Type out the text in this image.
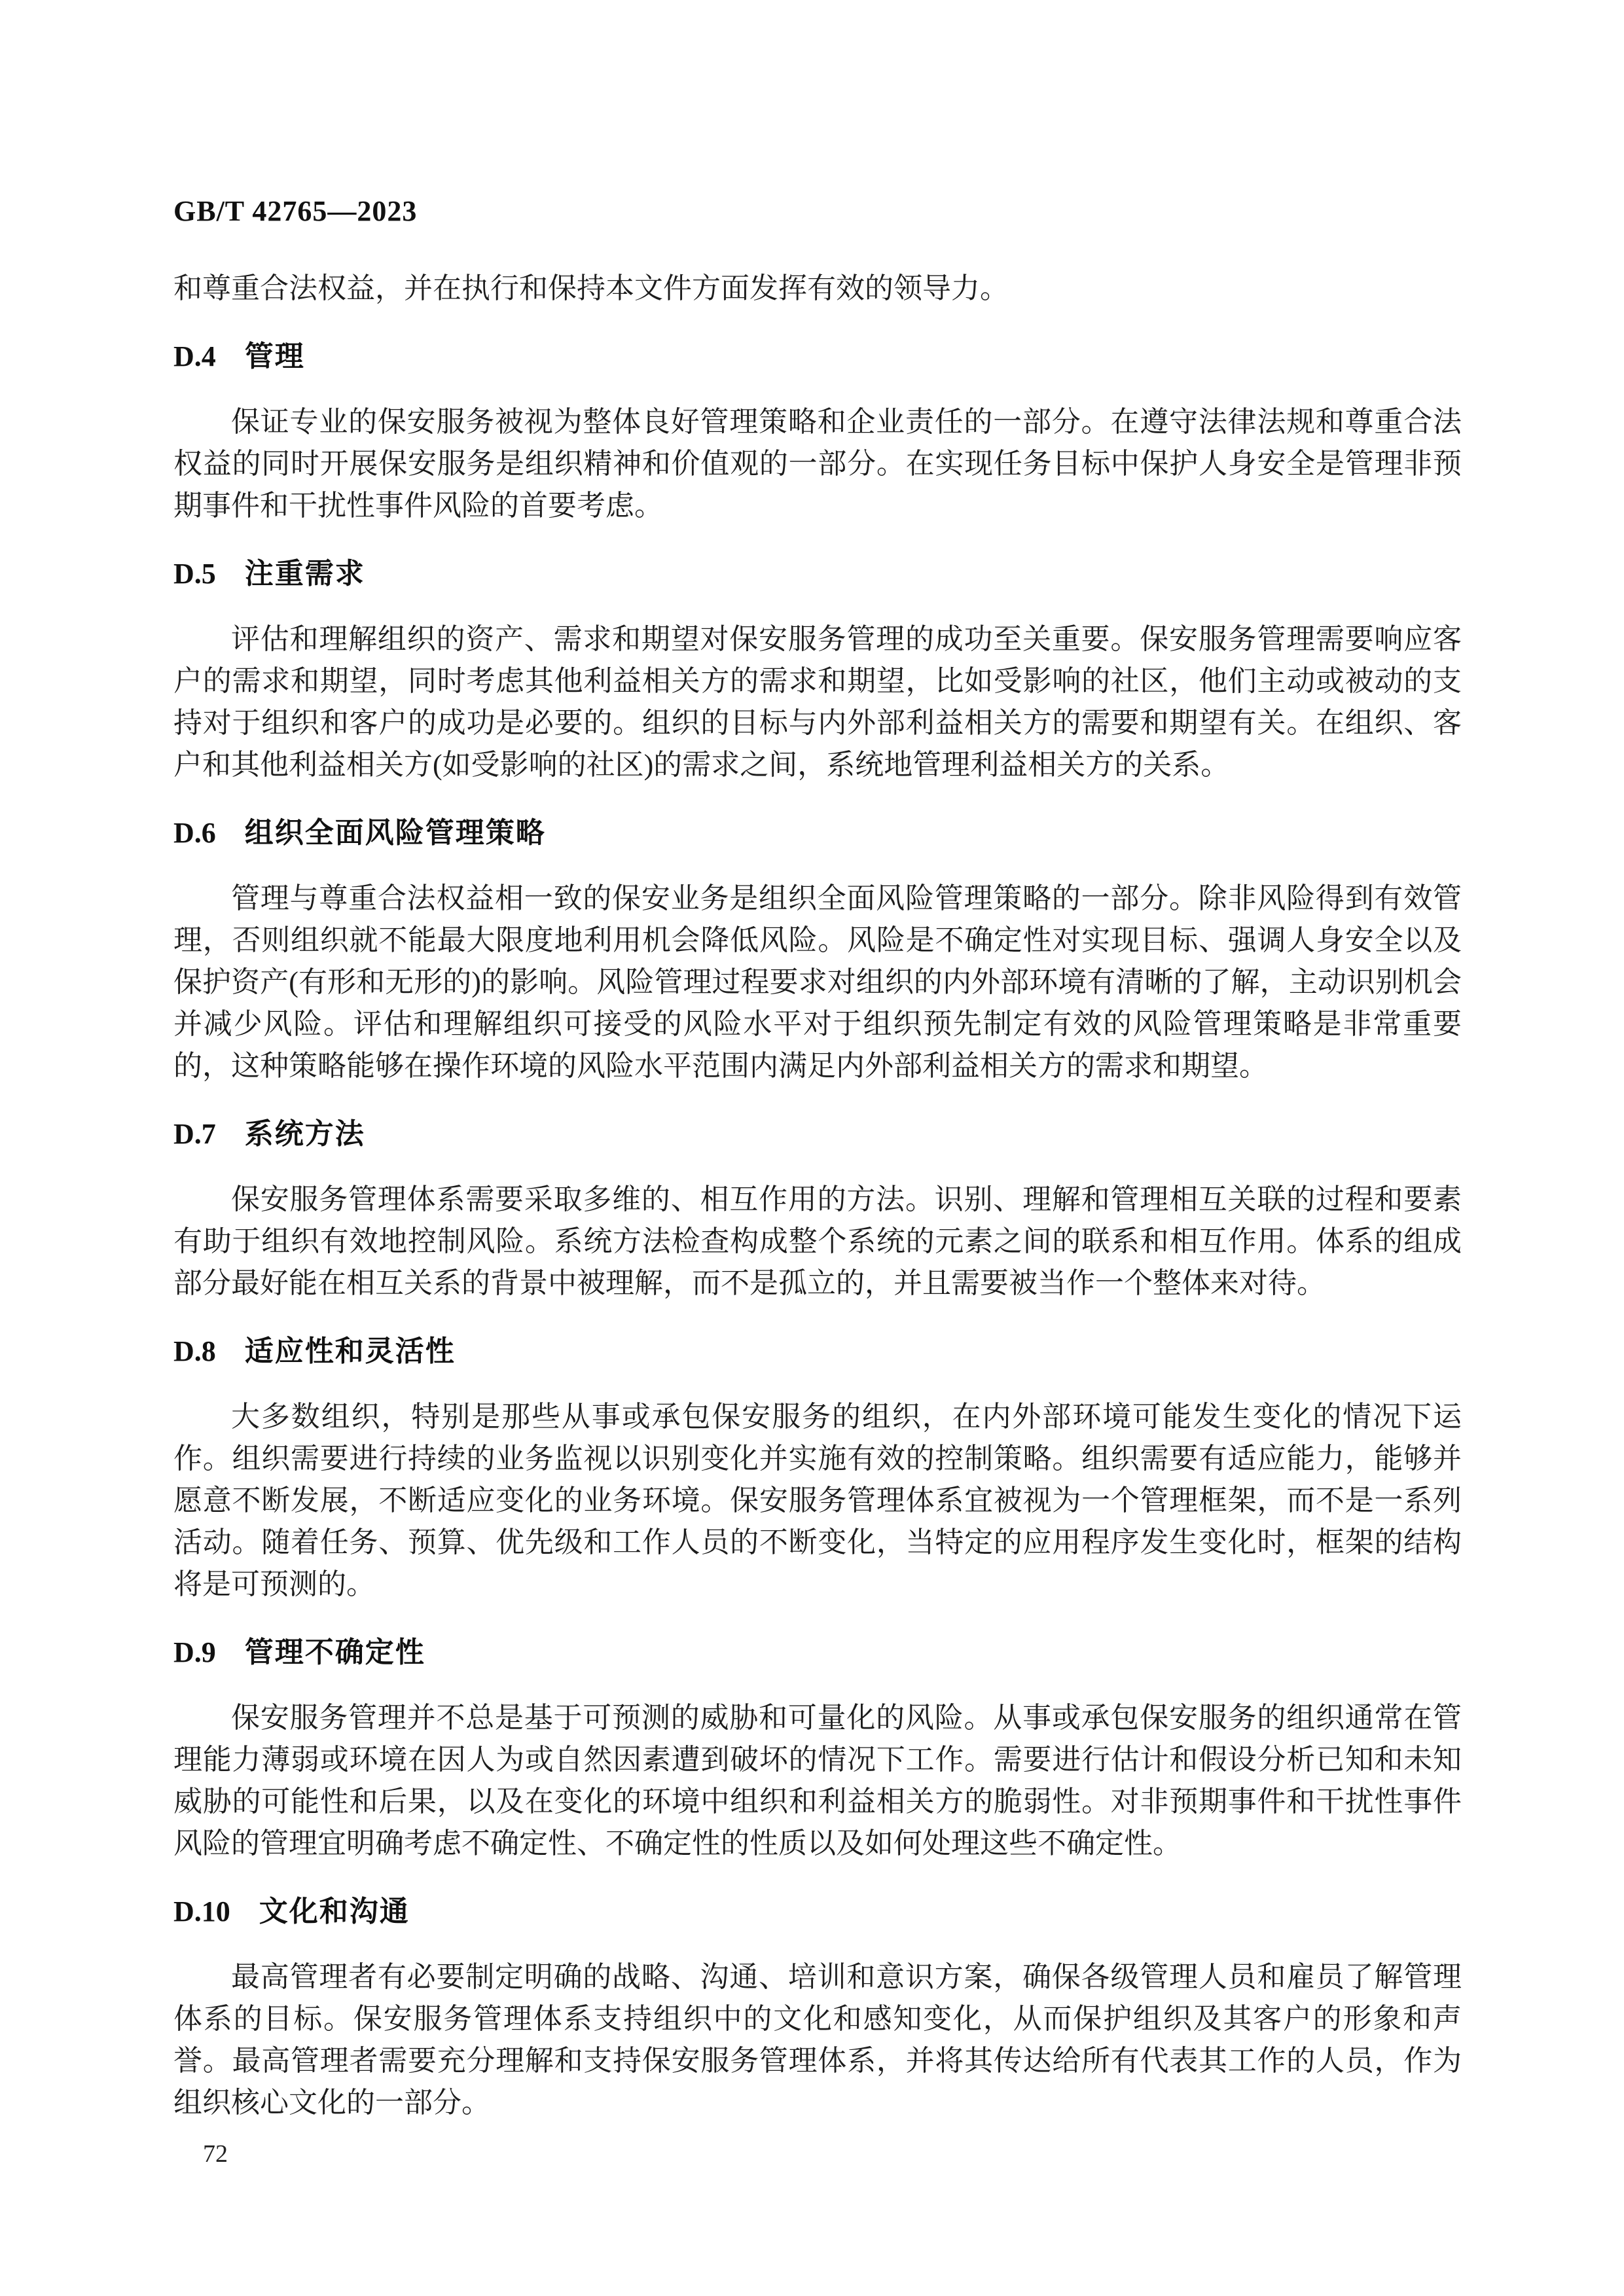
GB/T 42765—2023

和尊重合法权益，并在执行和保持本文件方面发挥有效的领导力。

D.4 管理

保证专业的保安服务被视为整体良好管理策略和企业责任的一部分。在遵守法律法规和尊重合法权益的同时开展保安服务是组织精神和价值观的一部分。在实现任务目标中保护人身安全是管理非预期事件和干扰性事件风险的首要考虑。

D.5 注重需求

评估和理解组织的资产、需求和期望对保安服务管理的成功至关重要。保安服务管理需要响应客户的需求和期望，同时考虑其他利益相关方的需求和期望，比如受影响的社区，他们主动或被动的支持对于组织和客户的成功是必要的。组织的目标与内外部利益相关方的需要和期望有关。在组织、客户和其他利益相关方(如受影响的社区)的需求之间，系统地管理利益相关方的关系。

D.6 组织全面风险管理策略

管理与尊重合法权益相一致的保安业务是组织全面风险管理策略的一部分。除非风险得到有效管理，否则组织就不能最大限度地利用机会降低风险。风险是不确定性对实现目标、强调人身安全以及保护资产(有形和无形的)的影响。风险管理过程要求对组织的内外部环境有清晰的了解，主动识别机会并减少风险。评估和理解组织可接受的风险水平对于组织预先制定有效的风险管理策略是非常重要的，这种策略能够在操作环境的风险水平范围内满足内外部利益相关方的需求和期望。

D.7 系统方法

保安服务管理体系需要采取多维的、相互作用的方法。识别、理解和管理相互关联的过程和要素有助于组织有效地控制风险。系统方法检查构成整个系统的元素之间的联系和相互作用。体系的组成部分最好能在相互关系的背景中被理解，而不是孤立的，并且需要被当作一个整体来对待。

D.8 适应性和灵活性

大多数组织，特别是那些从事或承包保安服务的组织，在内外部环境可能发生变化的情况下运作。组织需要进行持续的业务监视以识别变化并实施有效的控制策略。组织需要有适应能力，能够并愿意不断发展，不断适应变化的业务环境。保安服务管理体系宜被视为一个管理框架，而不是一系列活动。随着任务、预算、优先级和工作人员的不断变化，当特定的应用程序发生变化时，框架的结构将是可预测的。

D.9 管理不确定性

保安服务管理并不总是基于可预测的威胁和可量化的风险。从事或承包保安服务的组织通常在管理能力薄弱或环境在因人为或自然因素遭到破坏的情况下工作。需要进行估计和假设分析已知和未知威胁的可能性和后果，以及在变化的环境中组织和利益相关方的脆弱性。对非预期事件和干扰性事件风险的管理宜明确考虑不确定性、不确定性的性质以及如何处理这些不确定性。

D.10 文化和沟通

最高管理者有必要制定明确的战略、沟通、培训和意识方案，确保各级管理人员和雇员了解管理体系的目标。保安服务管理体系支持组织中的文化和感知变化，从而保护组织及其客户的形象和声誉。最高管理者需要充分理解和支持保安服务管理体系，并将其传达给所有代表其工作的人员，作为组织核心文化的一部分。

72
